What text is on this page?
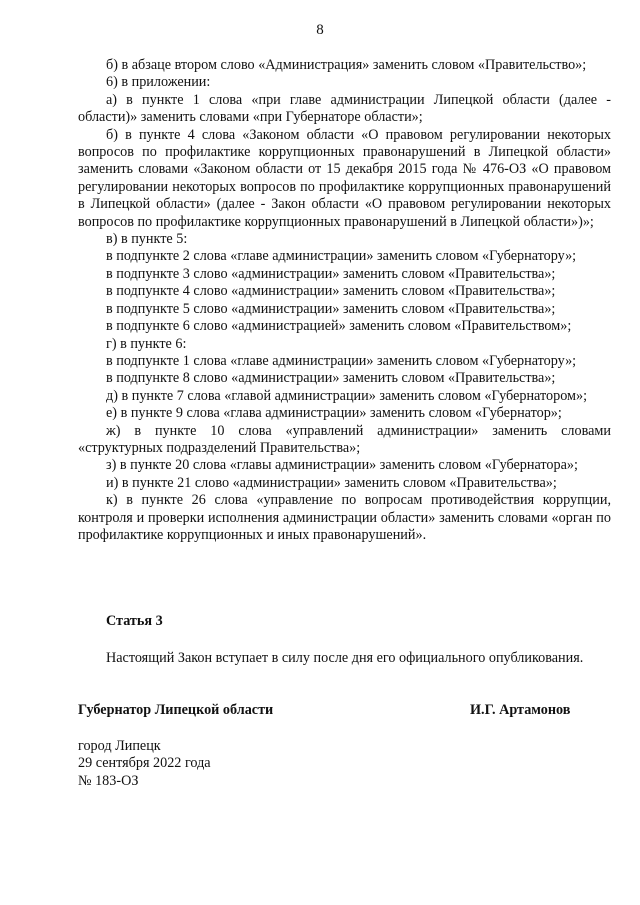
8

б) в абзаце втором слово «Администрация» заменить словом «Правительство»;

6) в приложении:

а) в пункте 1 слова «при главе администрации Липецкой области (далее - области)» заменить словами «при Губернаторе области»;

б) в пункте 4 слова «Законом области «О правовом регулировании некоторых вопросов по профилактике коррупционных правонарушений в Липецкой области» заменить словами «Законом области от 15 декабря 2015 года № 476-ОЗ «О правовом регулировании некоторых вопросов по профилактике коррупционных правонарушений в Липецкой области» (далее - Закон области «О правовом регулировании некоторых вопросов по профилактике коррупционных правонарушений в Липецкой области»)»;

в) в пункте 5:

в подпункте 2 слова «главе администрации» заменить словом «Губернатору»;

в подпункте 3 слово «администрации» заменить словом «Правительства»;

в подпункте 4 слово «администрации» заменить словом «Правительства»;

в подпункте 5 слово «администрации» заменить словом «Правительства»;

в подпункте 6 слово «администрацией» заменить словом «Правительством»;

г) в пункте 6:

в подпункте 1 слова «главе администрации» заменить словом «Губернатору»;

в подпункте 8 слово «администрации» заменить словом «Правительства»;

д) в пункте 7 слова «главой администрации» заменить словом «Губернатором»;

е) в пункте 9 слова «глава администрации» заменить словом «Губернатор»;

ж) в пункте 10 слова «управлений администрации» заменить словами «структурных подразделений Правительства»;

з) в пункте 20 слова «главы администрации» заменить словом «Губернатора»;

и) в пункте 21 слово «администрации» заменить словом «Правительства»;

к) в пункте 26 слова «управление по вопросам противодействия коррупции, контроля и проверки исполнения администрации области» заменить словами «орган по профилактике коррупционных и иных правонарушений».

Статья 3

Настоящий Закон вступает в силу после дня его официального опубликования.

Губернатор Липецкой области	И.Г. Артамонов
город Липецк
29 сентября 2022 года
№ 183-ОЗ
